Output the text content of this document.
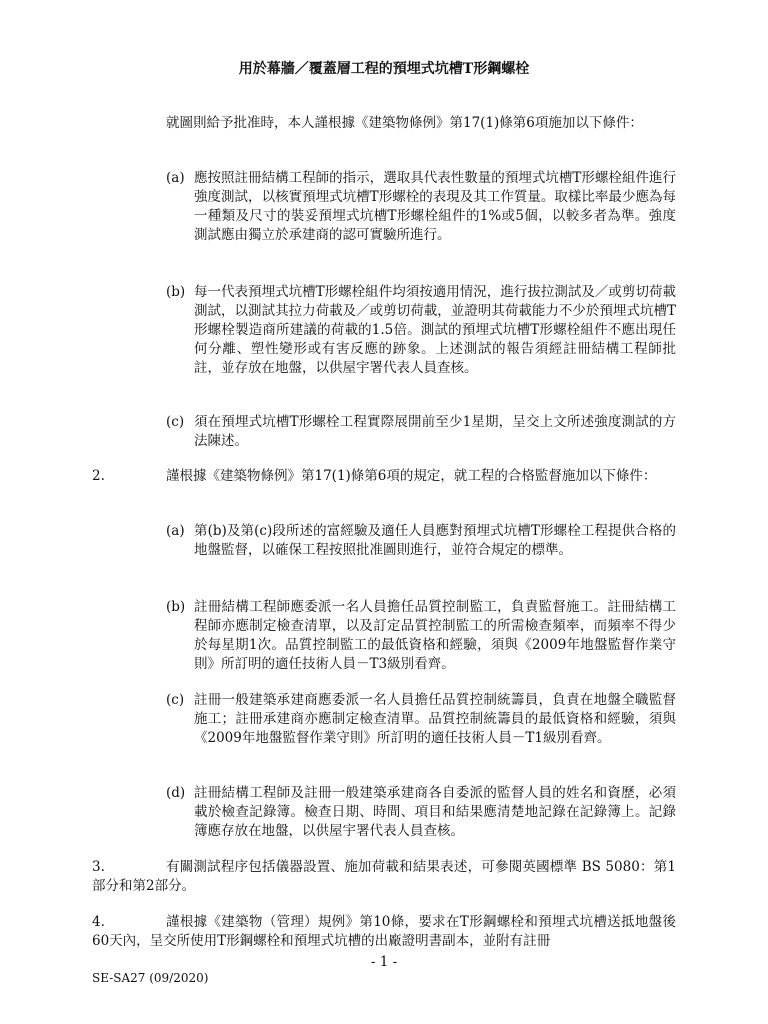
用於幕牆／覆蓋層工程的預埋式坑槽T形鋼螺栓
就圖則給予批准時，本人謹根據《建築物條例》第17(1)條第6項施加以下條件：
(a) 應按照註冊結構工程師的指示，選取具代表性數量的預埋式坑槽T形螺栓組件進行強度測試，以核實預埋式坑槽T形螺栓的表現及其工作質量。取樣比率最少應為每一種類及尺寸的裝妥預埋式坑槽T形螺栓組件的1%或5個，以較多者為準。強度測試應由獨立於承建商的認可實驗所進行。
(b) 每一代表預埋式坑槽T形螺栓組件均須按適用情況，進行拔拉測試及／或剪切荷載測試，以測試其拉力荷載及／或剪切荷載，並證明其荷載能力不少於預埋式坑槽T形螺栓製造商所建議的荷載的1.5倍。測試的預埋式坑槽T形螺栓組件不應出現任何分離、塑性變形或有害反應的跡象。上述測試的報告須經註冊結構工程師批註，並存放在地盤，以供屋宇署代表人員查核。
(c) 須在預埋式坑槽T形螺栓工程實際展開前至少1星期，呈交上文所述強度測試的方法陳述。
2.	謹根據《建築物條例》第17(1)條第6項的規定，就工程的合格監督施加以下條件：
(a) 第(b)及第(c)段所述的富經驗及適任人員應對預埋式坑槽T形螺栓工程提供合格的地盤監督，以確保工程按照批准圖則進行，並符合規定的標準。
(b) 註冊結構工程師應委派一名人員擔任品質控制監工，負責監督施工。註冊結構工程師亦應制定檢查清單，以及訂定品質控制監工的所需檢查頻率，而頻率不得少於每星期1次。品質控制監工的最低資格和經驗，須與《2009年地盤監督作業守則》所訂明的適任技術人員－T3級別看齊。
(c) 註冊一般建築承建商應委派一名人員擔任品質控制統籌員，負責在地盤全職監督施工；註冊承建商亦應制定檢查清單。品質控制統籌員的最低資格和經驗，須與《2009年地盤監督作業守則》所訂明的適任技術人員－T1級別看齊。
(d) 註冊結構工程師及註冊一般建築承建商各自委派的監督人員的姓名和資歷，必須載於檢查記錄簿。檢查日期、時間、項目和結果應清楚地記錄在記錄簿上。記錄簿應存放在地盤，以供屋宇署代表人員查核。
3.	有關測試程序包括儀器設置、施加荷載和結果表述，可參閱英國標準 BS 5080：第1部分和第2部分。
4.	謹根據《建築物（管理）規例》第10條，要求在T形鋼螺栓和預埋式坑槽送抵地盤後60天內，呈交所使用T形鋼螺栓和預埋式坑槽的出廠證明書副本，並附有註冊
- 1 -
SE-SA27 (09/2020)
